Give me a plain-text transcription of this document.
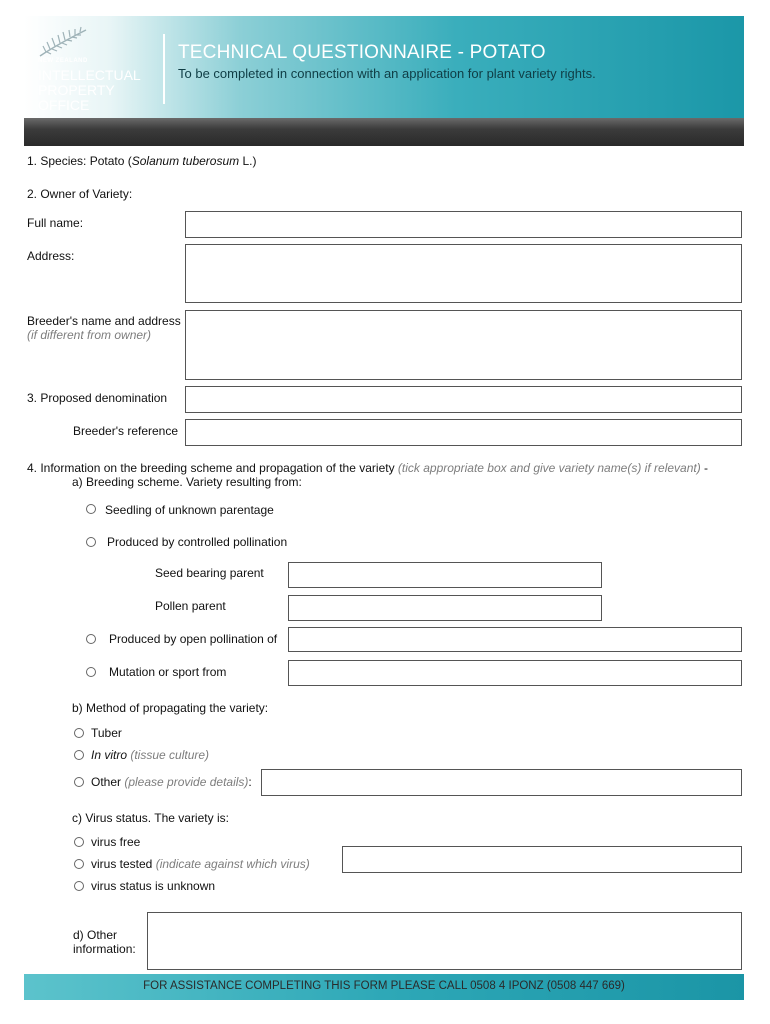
NEW ZEALAND
INTELLECTUAL
PROPERTY
OFFICE
TECHNICAL QUESTIONNAIRE - POTATO
To be completed in connection with an application for plant variety rights.
1. Species: Potato (Solanum tuberosum L.)
2. Owner of Variety:
Full name:
Address:
Breeder's name and address
(if different from owner)
3. Proposed denomination
Breeder's reference
4. Information on the breeding scheme and propagation of the variety (tick appropriate box and give variety name(s) if relevant) -
a) Breeding scheme. Variety resulting from:
Seedling of unknown parentage
Produced by controlled pollination
Seed bearing parent
Pollen parent
Produced by open pollination of
Mutation or sport from
b) Method of propagating the variety:
Tuber
In vitro (tissue culture)
Other (please provide details):
c) Virus status. The variety is:
virus free
virus tested (indicate against which virus)
virus status is unknown
d) Other
information:
FOR ASSISTANCE COMPLETING THIS FORM PLEASE CALL 0508 4 IPONZ (0508 447 669)
